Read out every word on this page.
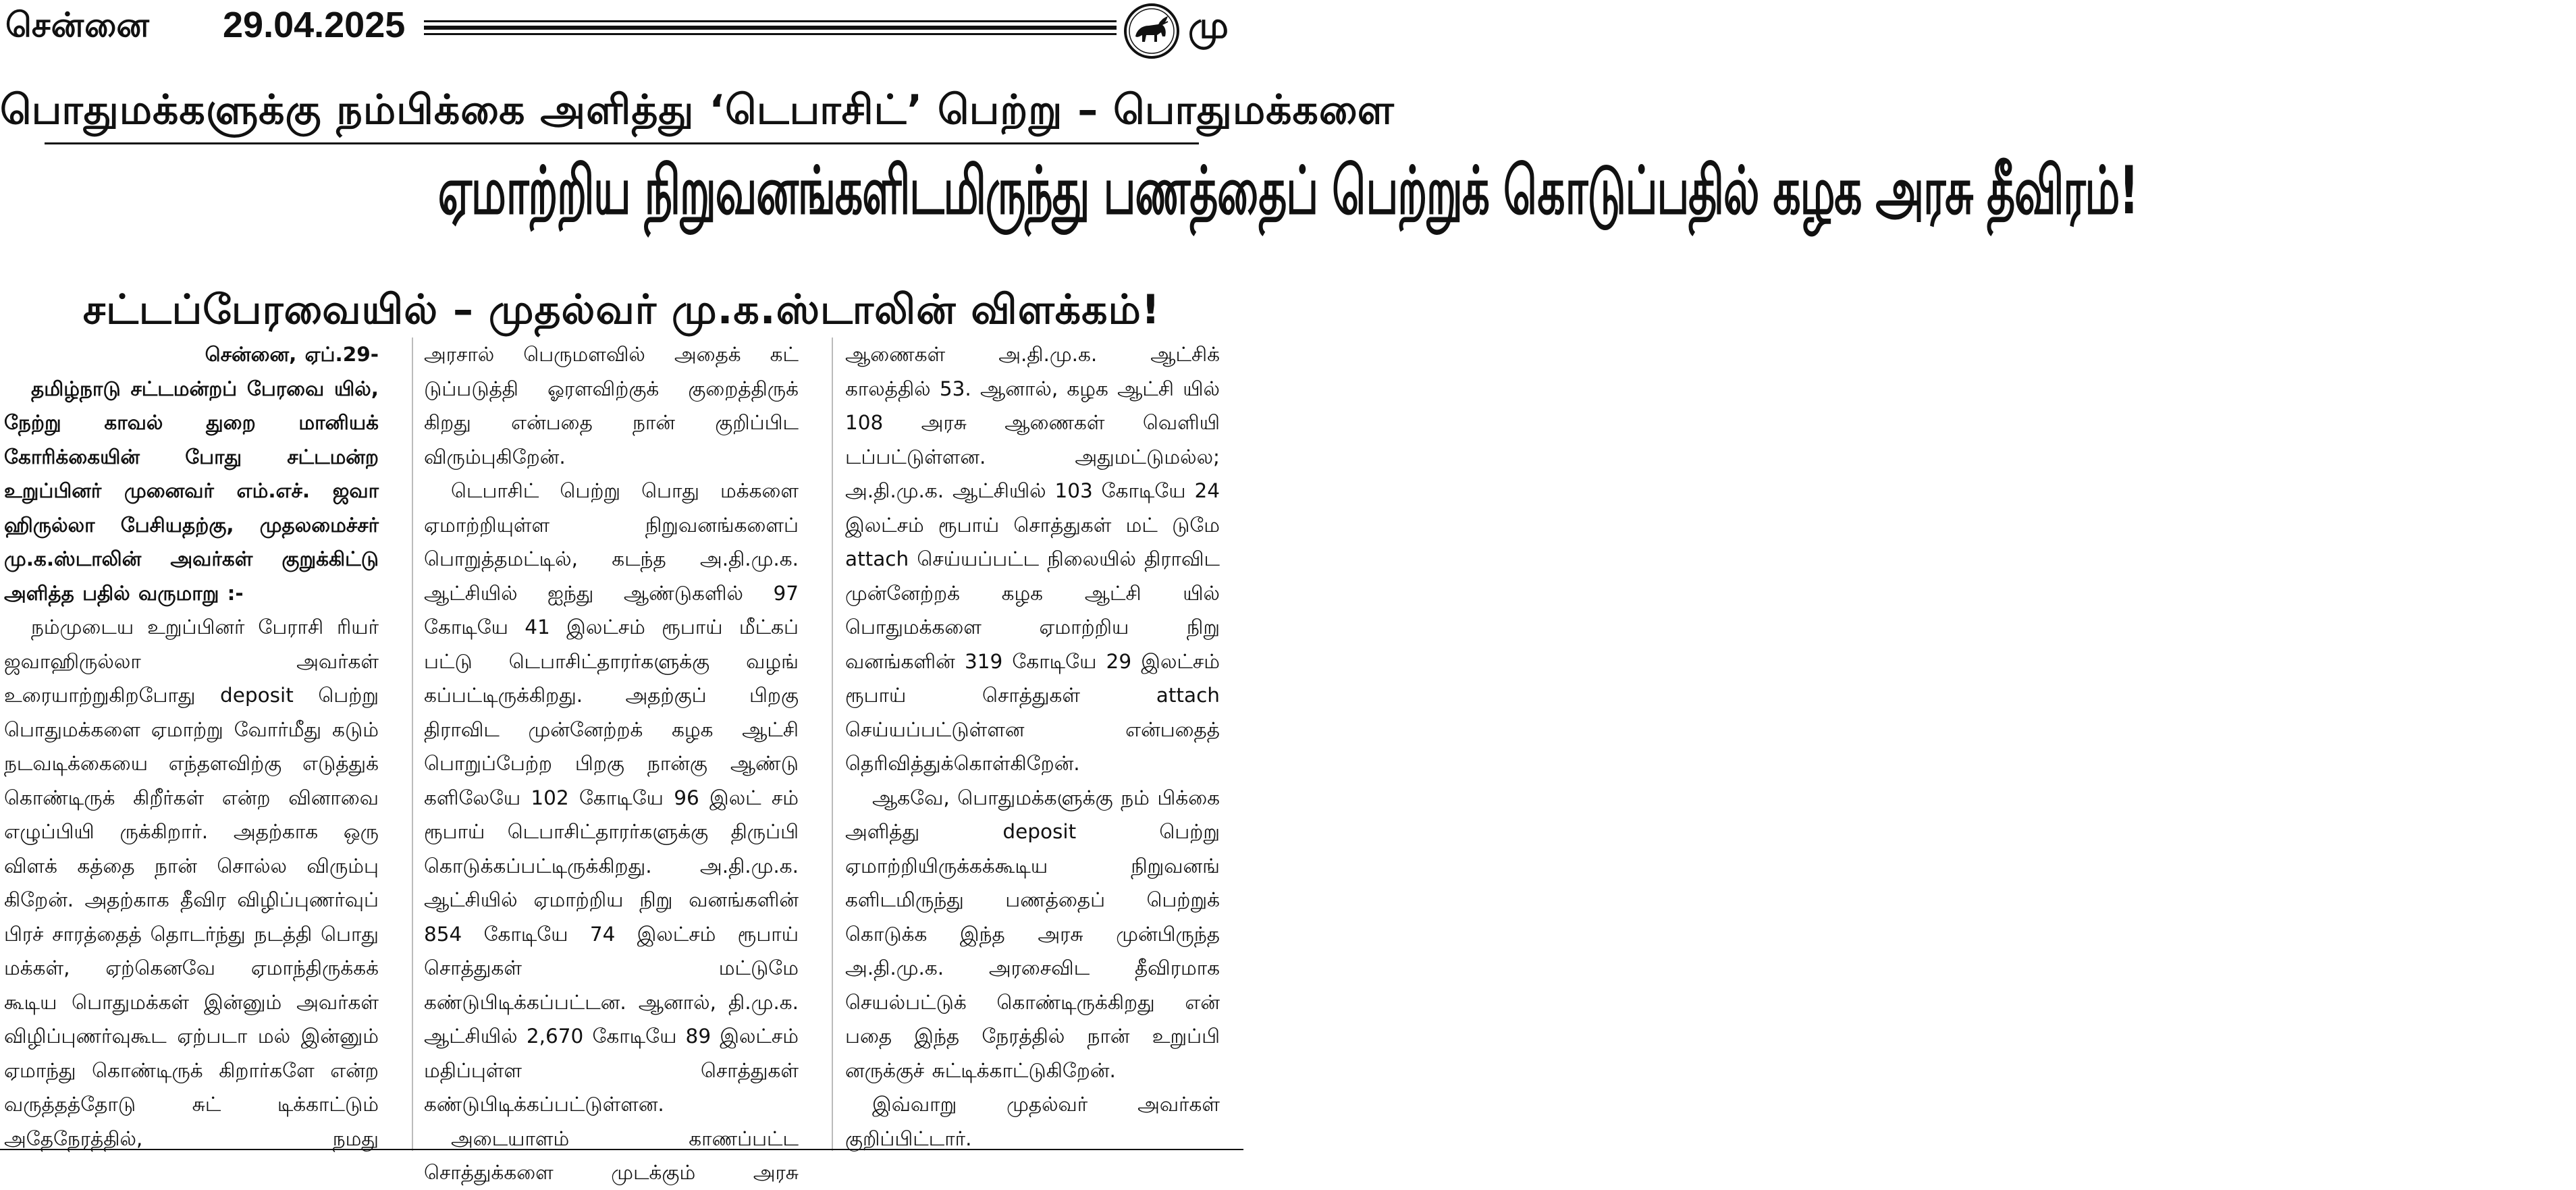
சென்னை 29.04.2025	மு
பொதுமக்களுக்கு நம்பிக்கை அளித்து ‘டெபாசிட்’ பெற்று – பொதுமக்களை
ஏமாற்றிய நிறுவனங்களிடமிருந்து பணத்தைப் பெற்றுக் கொடுப்பதில் கழக அரசு தீவிரம்!
சட்டப்பேரவையில் – முதல்வர் மு.க.ஸ்டாலின் விளக்கம்!

சென்னை, ஏப்.29-

தமிழ்நாடு சட்டமன்றப் பேரவை யில், நேற்று காவல் துறை மானியக் கோரிக்கையின் போது சட்டமன்ற உறுப்பினர் முனைவர் எம்.எச். ஜவா ஹிருல்லா பேசியதற்கு, முதலமைச்சர் மு.க.ஸ்டாலின் அவர்கள் குறுக்கிட்டு அளித்த பதில் வருமாறு :-

நம்முடைய உறுப்பினர் பேராசி ரியர் ஜவாஹிருல்லா அவர்கள் உரையாற்றுகிறபோது deposit பெற்று பொதுமக்களை ஏமாற்று வோர்மீது கடும் நடவடிக்கையை எந்தளவிற்கு எடுத்துக் கொண்டிருக் கிறீர்கள் என்ற வினாவை எழுப்பியி ருக்கிறார். அதற்காக ஒரு விளக் கத்தை நான் சொல்ல விரும்பு கிறேன். அதற்காக தீவிர விழிப்புணர்வுப் பிரச் சாரத்தைத் தொடர்ந்து நடத்தி பொது மக்கள், ஏற்கெனவே ஏமாந்திருக்கக் கூடிய பொதுமக்கள் இன்னும் அவர்கள் விழிப்புணர்வுகூட ஏற்படா மல் இன்னும் ஏமாந்து கொண்டிருக் கிறார்களே என்ற வருத்தத்தோடு சுட் டிக்காட்டும் அதேநேரத்தில், நமது

அரசால் பெருமளவில் அதைக் கட் டுப்படுத்தி ஓரளவிற்குக் குறைத்திருக் கிறது என்பதை நான் குறிப்பிட விரும்புகிறேன்.

டெபாசிட் பெற்று பொது மக்களை ஏமாற்றியுள்ள நிறுவனங்களைப் பொறுத்தமட்டில், கடந்த அ.தி.மு.க. ஆட்சியில் ஐந்து ஆண்டுகளில் 97 கோடியே 41 இலட்சம் ரூபாய் மீட்கப் பட்டு டெபாசிட்தாரர்களுக்கு வழங் கப்பட்டிருக்கிறது. அதற்குப் பிறகு திராவிட முன்னேற்றக் கழக ஆட்சி பொறுப்பேற்ற பிறகு நான்கு ஆண்டு களிலேயே 102 கோடியே 96 இலட் சம் ரூபாய் டெபாசிட்தாரர்களுக்கு திருப்பி கொடுக்கப்பட்டிருக்கிறது. அ.தி.மு.க. ஆட்சியில் ஏமாற்றிய நிறு வனங்களின் 854 கோடியே 74 இலட்சம் ரூபாய் சொத்துகள் மட்டுமே கண்டுபிடிக்கப்பட்டன. ஆனால், தி.மு.க. ஆட்சியில் 2,670 கோடியே 89 இலட்சம் மதிப்புள்ள சொத்துகள் கண்டுபிடிக்கப்பட்டுள்ளன.

அடையாளம் காணப்பட்ட சொத்துக்களை முடக்கும் அரசு

ஆணைகள் அ.தி.மு.க. ஆட்சிக் காலத்தில் 53. ஆனால், கழக ஆட்சி யில் 108 அரசு ஆணைகள் வெளியி டப்பட்டுள்ளன. அதுமட்டுமல்ல; அ.தி.மு.க. ஆட்சியில் 103 கோடியே 24 இலட்சம் ரூபாய் சொத்துகள் மட் டுமே attach செய்யப்பட்ட நிலையில் திராவிட முன்னேற்றக் கழக ஆட்சி யில் பொதுமக்களை ஏமாற்றிய நிறு வனங்களின் 319 கோடியே 29 இலட்சம் ரூபாய் சொத்துகள் attach செய்யப்பட்டுள்ளன என்பதைத் தெரிவித்துக்கொள்கிறேன்.

ஆகவே, பொதுமக்களுக்கு நம் பிக்கை அளித்து deposit பெற்று ஏமாற்றியிருக்கக்கூடிய நிறுவனங் களிடமிருந்து பணத்தைப் பெற்றுக் கொடுக்க இந்த அரசு முன்பிருந்த அ.தி.மு.க. அரசைவிட தீவிரமாக செயல்பட்டுக் கொண்டிருக்கிறது என் பதை இந்த நேரத்தில் நான் உறுப்பி னருக்குச் சுட்டிக்காட்டுகிறேன்.

இவ்வாறு முதல்வர் அவர்கள் குறிப்பிட்டார்.
